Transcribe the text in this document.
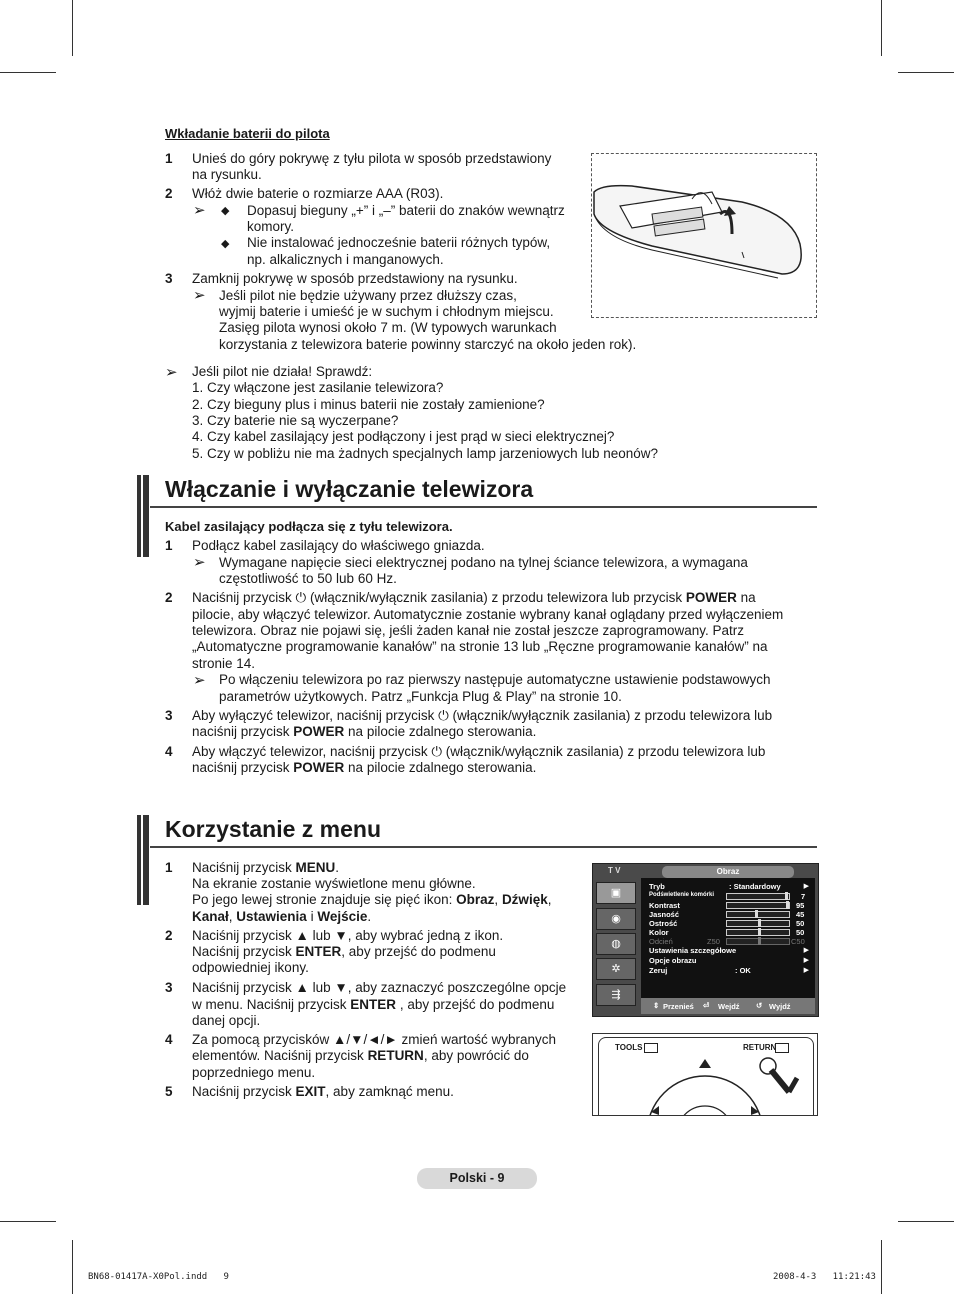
Wkładanie baterii do pilota
1 Unieś do góry pokrywę z tyłu pilota w sposób przedstawiony
na rysunku.
2 Włóż dwie baterie o rozmiarze AAA (R03).
➢ ◆ Dopasuj bieguny „+” i „–” baterii do znaków wewnątrz
komory.
◆ Nie instalować jednocześnie baterii różnych typów,
np. alkalicznych i manganowych.
3 Zamknij pokrywę w sposób przedstawiony na rysunku.
➢ Jeśli pilot nie będzie używany przez dłuższy czas,
wyjmij baterie i umieść je w suchym i chłodnym miejscu.
Zasięg pilota wynosi około 7 m. (W typowych warunkach
korzystania z telewizora baterie powinny starczyć na około jeden rok).
➢ Jeśli pilot nie działa! Sprawdź:
1. Czy włączone jest zasilanie telewizora?
2. Czy bieguny plus i minus baterii nie zostały zamienione?
3. Czy baterie nie są wyczerpane?
4. Czy kabel zasilający jest podłączony i jest prąd w sieci elektrycznej?
5. Czy w pobliżu nie ma żadnych specjalnych lamp jarzeniowych lub neonów?
Włączanie i wyłączanie telewizora
Kabel zasilający podłącza się z tyłu telewizora.
1 Podłącz kabel zasilający do właściwego gniazda.
➢ Wymagane napięcie sieci elektrycznej podano na tylnej ściance telewizora, a wymagana
częstotliwość to 50 lub 60 Hz.
2 Naciśnij przycisk ⏻ (włącznik/wyłącznik zasilania) z przodu telewizora lub przycisk POWER na
pilocie, aby włączyć telewizor. Automatycznie zostanie wybrany kanał oglądany przed wyłączeniem
telewizora. Obraz nie pojawi się, jeśli żaden kanał nie został jeszcze zaprogramowany. Patrz
„Automatyczne programowanie kanałów” na stronie 13 lub „Ręczne programowanie kanałów” na
stronie 14.
➢ Po włączeniu telewizora po raz pierwszy następuje automatyczne ustawienie podstawowych
parametrów użytkowych. Patrz „Funkcja Plug & Play” na stronie 10.
3 Aby wyłączyć telewizor, naciśnij przycisk ⏻ (włącznik/wyłącznik zasilania) z przodu telewizora lub
naciśnij przycisk POWER na pilocie zdalnego sterowania.
4 Aby włączyć telewizor, naciśnij przycisk ⏻ (włącznik/wyłącznik zasilania) z przodu telewizora lub
naciśnij przycisk POWER na pilocie zdalnego sterowania.
Korzystanie z menu
1 Naciśnij przycisk MENU.
Na ekranie zostanie wyświetlone menu główne.
Po jego lewej stronie znajduje się pięć ikon: Obraz, Dźwięk,
Kanał, Ustawienia i Wejście.
2 Naciśnij przycisk ▲ lub ▼, aby wybrać jedną z ikon.
Naciśnij przycisk ENTER, aby przejść do podmenu
odpowiedniej ikony.
3 Naciśnij przycisk ▲ lub ▼, aby zaznaczyć poszczególne opcje
w menu. Naciśnij przycisk ENTER , aby przejść do podmenu
danej opcji.
4 Za pomocą przycisków ▲/▼/◄/► zmień wartość wybranych
elementów. Naciśnij przycisk RETURN, aby powrócić do
poprzedniego menu.
5 Naciśnij przycisk EXIT, aby zamknąć menu.
T V	Obraz
▣
◉
◍
✲
⇶
Tryb	: Standardowy	▶
Podświetlenie komórki	7
Kontrast	95
Jasność	45
Ostrość	50
Kolor	50
Odcień	Z50	C50
Ustawienia szczegółowe	▶
Opcje obrazu	▶
Zeruj	: OK	▶
⇕ Przenieś ⏎ Wejdź ↺ Wyjdź
TOOLS	RETURN
Polski - 9
BN68-01417A-X0Pol.indd   9	2008-4-3   11:21:43
